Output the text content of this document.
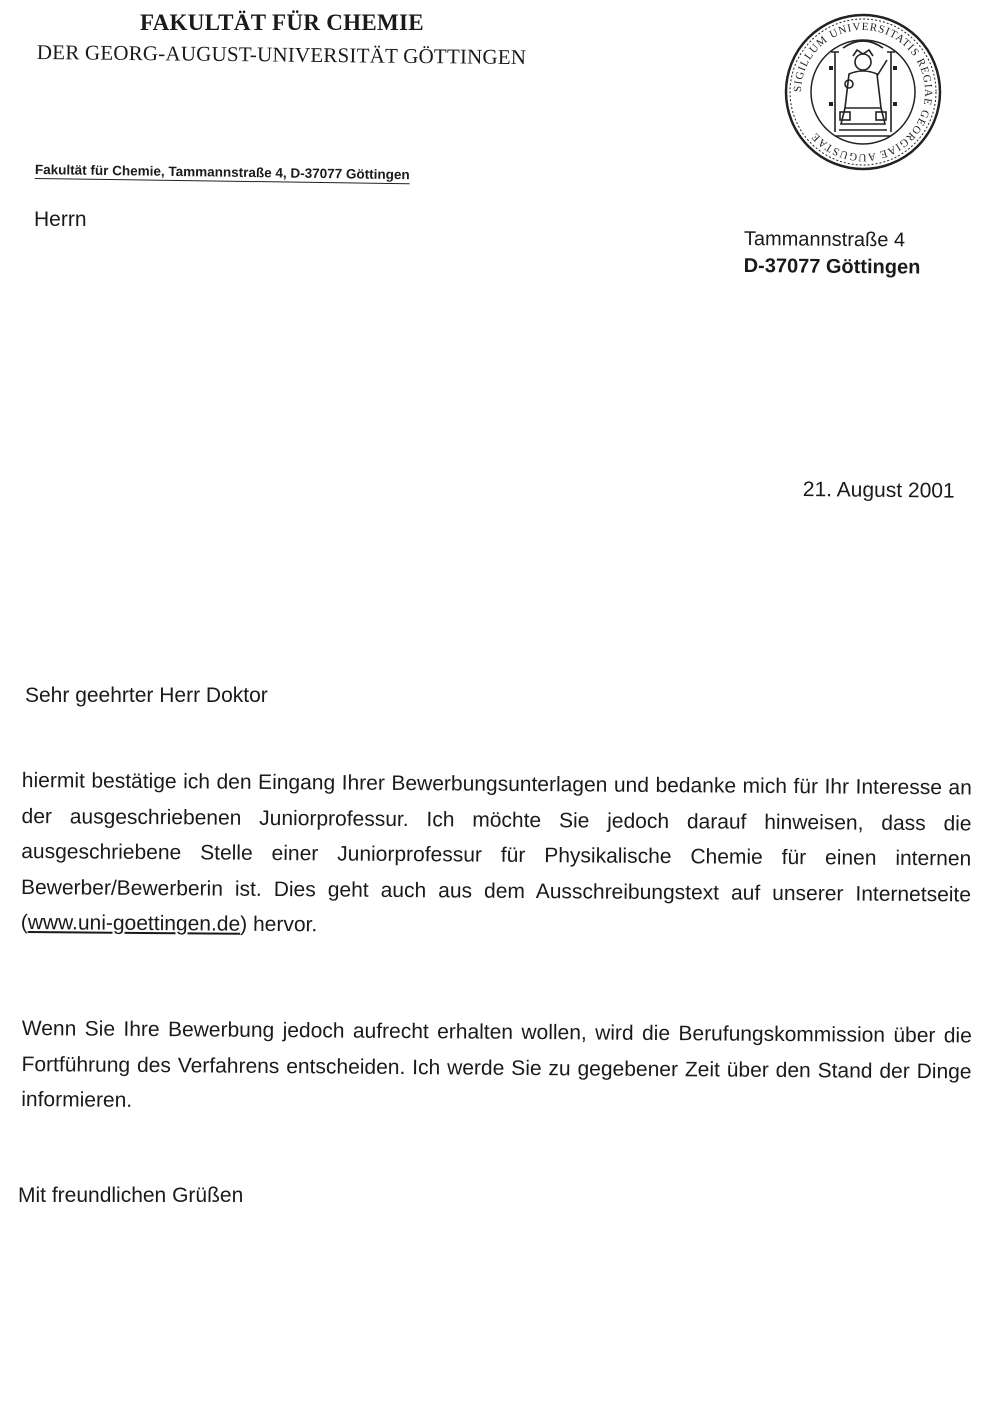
FAKULTÄT FÜR CHEMIE
DER GEORG-AUGUST-UNIVERSITÄT GÖTTINGEN
SIGILLUM UNIVERSITATIS REGIAE GEORGIAE AUGUSTAE
Fakultät für Chemie, Tammannstraße 4, D-37077 Göttingen
Herrn
Tammannstraße 4
D-37077 Göttingen
21. August 2001
Sehr geehrter Herr Doktor
hiermit bestätige ich den Eingang Ihrer Bewerbungsunterlagen und bedanke mich für Ihr Interesse an der ausgeschriebenen Juniorprofessur. Ich möchte Sie jedoch darauf hinweisen, dass die ausgeschriebene Stelle einer Juniorprofessur für Physikalische Chemie für einen internen Bewerber/Bewerberin ist. Dies geht auch aus dem Ausschreibungstext auf unserer Internetseite (www.uni-goettingen.de) hervor.
Wenn Sie Ihre Bewerbung jedoch aufrecht erhalten wollen, wird die Berufungskommission über die Fortführung des Verfahrens entscheiden. Ich werde Sie zu gegebener Zeit über den Stand der Dinge informieren.
Mit freundlichen Grüßen
